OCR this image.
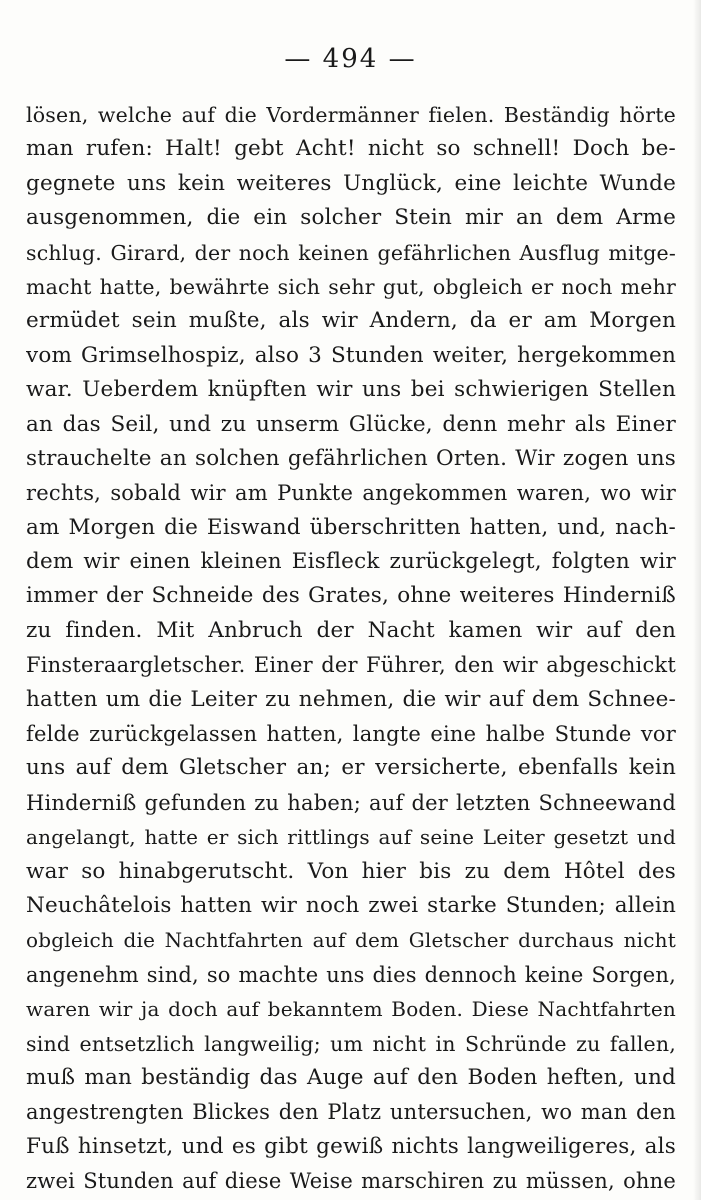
— 494 —
lösen, welche auf die Vordermänner fielen. Beständig hörte
man rufen: Halt! gebt Acht! nicht so schnell! Doch be-
gegnete uns kein weiteres Unglück, eine leichte Wunde
ausgenommen, die ein solcher Stein mir an dem Arme
schlug. Girard, der noch keinen gefährlichen Ausflug mitge-
macht hatte, bewährte sich sehr gut, obgleich er noch mehr
ermüdet sein mußte, als wir Andern, da er am Morgen
vom Grimselhospiz, also 3 Stunden weiter, hergekommen
war. Ueberdem knüpften wir uns bei schwierigen Stellen
an das Seil, und zu unserm Glücke, denn mehr als Einer
strauchelte an solchen gefährlichen Orten. Wir zogen uns
rechts, sobald wir am Punkte angekommen waren, wo wir
am Morgen die Eiswand überschritten hatten, und, nach-
dem wir einen kleinen Eisfleck zurückgelegt, folgten wir
immer der Schneide des Grates, ohne weiteres Hinderniß
zu finden. Mit Anbruch der Nacht kamen wir auf den
Finsteraargletscher. Einer der Führer, den wir abgeschickt
hatten um die Leiter zu nehmen, die wir auf dem Schnee-
felde zurückgelassen hatten, langte eine halbe Stunde vor
uns auf dem Gletscher an; er versicherte, ebenfalls kein
Hinderniß gefunden zu haben; auf der letzten Schneewand
angelangt, hatte er sich rittlings auf seine Leiter gesetzt und
war so hinabgerutscht. Von hier bis zu dem Hôtel des
Neuchâtelois hatten wir noch zwei starke Stunden; allein
obgleich die Nachtfahrten auf dem Gletscher durchaus nicht
angenehm sind, so machte uns dies dennoch keine Sorgen,
waren wir ja doch auf bekanntem Boden. Diese Nachtfahrten
sind entsetzlich langweilig; um nicht in Schründe zu fallen,
muß man beständig das Auge auf den Boden heften, und
angestrengten Blickes den Platz untersuchen, wo man den
Fuß hinsetzt, und es gibt gewiß nichts langweiligeres, als
zwei Stunden auf diese Weise marschiren zu müssen, ohne
